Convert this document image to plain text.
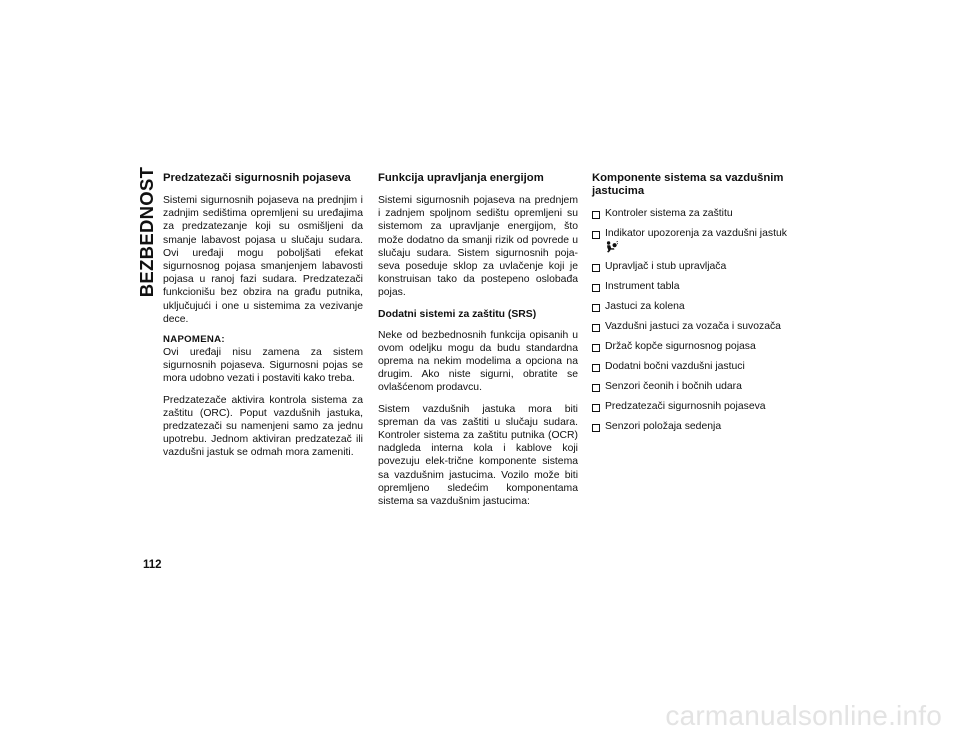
BEZBEDNOST Predzatezači sigurnosnih pojaseva

Sistemi sigurnosnih pojaseva na prednjim i zadnjim sedištima opremljeni su uređajima za predzatezanje koji su osmišljeni da smanje labavost pojasa u slučaju sudara. Ovi uređaji mogu poboljšati efekat sigurnosnog pojasa smanjenjem labavosti pojasa u ranoj fazi sudara. Predzatezači funkcionišu bez obzira na građu putnika, uključujući i one u sistemima za vezivanje dece.

NAPOMENA:
Ovi uređaji nisu zamena za sistem sigurnosnih pojaseva. Sigurnosni pojas se mora udobno vezati i postaviti kako treba.

Predzatezače aktivira kontrola sistema za zaštitu (ORC). Poput vazdušnih jastuka, predzatezači su namenjeni samo za jednu upotrebu. Jednom aktiviran predzatezač ili vazdušni jastuk se odmah mora zameniti.

Funkcija upravljanja energijom

Sistemi sigurnosnih pojaseva na prednjem i zadnjem spoljnom sedištu opremljeni su sistemom za upravljanje energijom, što može dodatno da smanji rizik od povrede u slučaju sudara. Sistem sigurnosnih poja-seva poseduje sklop za uvlačenje koji je konstruisan tako da postepeno oslobađa pojas.

Dodatni sistemi za zaštitu (SRS)

Neke od bezbednosnih funkcija opisanih u ovom odeljku mogu da budu standardna oprema na nekim modelima a opciona na drugim. Ako niste sigurni, obratite se ovlašćenom prodavcu.

Sistem vazdušnih jastuka mora biti spreman da vas zaštiti u slučaju sudara. Kontroler sistema za zaštitu putnika (OCR) nadgleda interna kola i kablove koji povezuju elek-trične komponente sistema sa vazdušnim jastucima. Vozilo može biti opremljeno sledećim komponentama sistema sa vazdušnim jastucima:

Komponente sistema sa vazdušnim jastucima
Kontroler sistema za zaštitu
Indikator upozorenja za vazdušni jastuk
Upravljač i stub upravljača
Instrument tabla
Jastuci za kolena
Vazdušni jastuci za vozača i suvozača
Držač kopče sigurnosnog pojasa
Dodatni bočni vazdušni jastuci
Senzori čeonih i bočnih udara
Predzatezači sigurnosnih pojaseva
Senzori položaja sedenja
112
carmanualsonline.info
